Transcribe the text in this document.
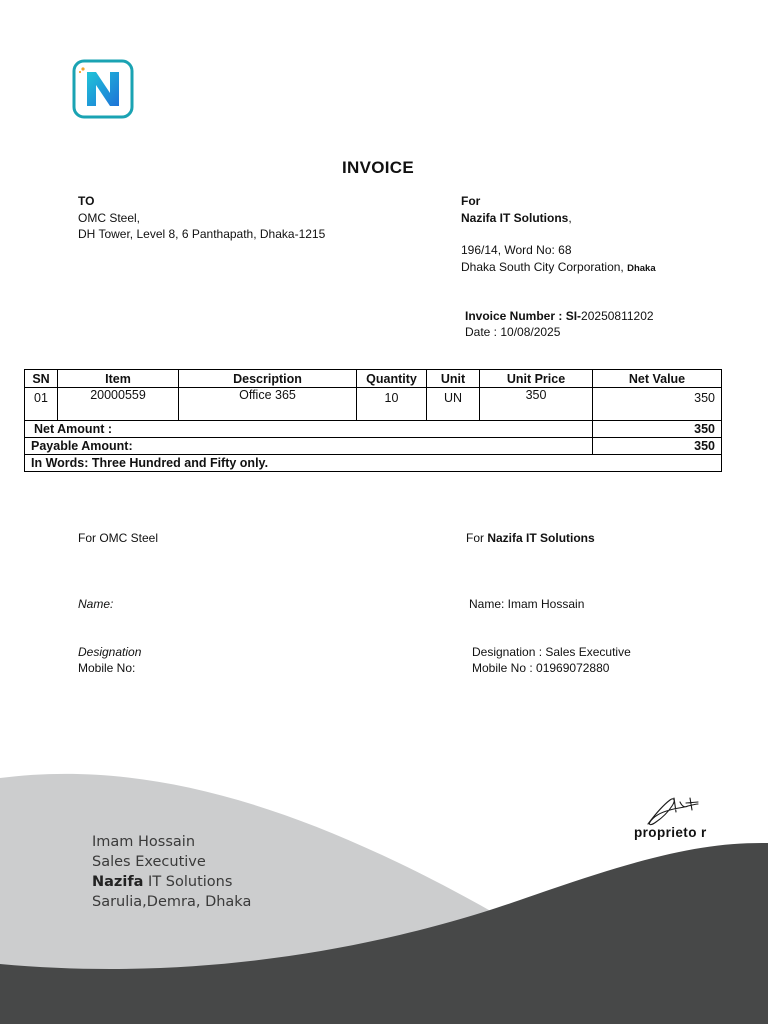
INVOICE
TO
OMC Steel,
DH Tower, Level 8, 6 Panthapath, Dhaka-1215
For
Nazifa IT Solutions,
196/14, Word No: 68
Dhaka South City Corporation, Dhaka
Invoice Number : SI-20250811202
Date : 10/08/2025
SN	Item	Description	Quantity	Unit	Unit Price	Net Value
01	20000559	Office 365	10	UN	350	350
Net Amount :						350
Payable Amount:						350
In Words: Three Hundred and Fifty only.						
For OMC Steel
Name:
Designation
Mobile No:
For Nazifa IT Solutions
Name: Imam Hossain
Designation : Sales Executive
Mobile No : 01969072880
proprieto r
Imam Hossain
Sales Executive
Nazifa IT Solutions
Sarulia,Demra, Dhaka
